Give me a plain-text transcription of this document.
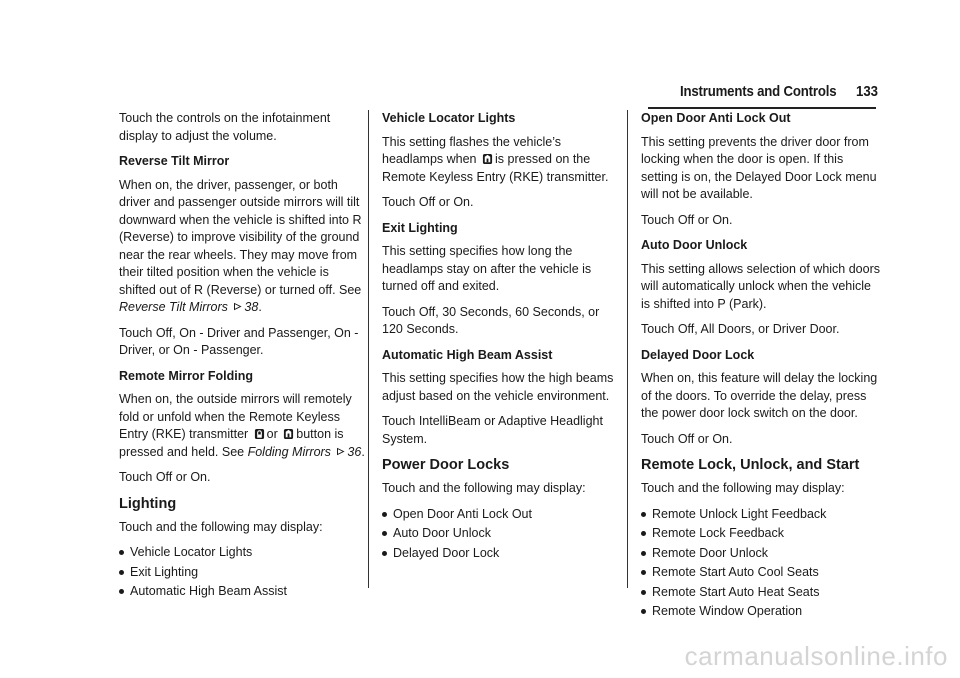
Instruments and Controls 133

Touch the controls on the infotainment display to adjust the volume.

Reverse Tilt Mirror

When on, the driver, passenger, or both driver and passenger outside mirrors will tilt downward when the vehicle is shifted into R (Reverse) to improve visibility of the ground near the rear wheels. They may move from their tilted position when the vehicle is shifted out of R (Reverse) or turned off. See Reverse Tilt Mirrors 38.

Touch Off, On - Driver and Passenger, On - Driver, or On - Passenger.

Remote Mirror Folding

When on, the outside mirrors will remotely fold or unfold when the Remote Keyless Entry (RKE) transmitter or button is pressed and held. See Folding Mirrors 36.

Touch Off or On.

Lighting

Touch and the following may display:

Vehicle Locator Lights
Exit Lighting
Automatic High Beam Assist

Vehicle Locator Lights

This setting flashes the vehicle’s headlamps when is pressed on the Remote Keyless Entry (RKE) transmitter.

Touch Off or On.

Exit Lighting

This setting specifies how long the headlamps stay on after the vehicle is turned off and exited.

Touch Off, 30 Seconds, 60 Seconds, or 120 Seconds.

Automatic High Beam Assist

This setting specifies how the high beams adjust based on the vehicle environment.

Touch IntelliBeam or Adaptive Headlight System.

Power Door Locks

Touch and the following may display:

Open Door Anti Lock Out
Auto Door Unlock
Delayed Door Lock

Open Door Anti Lock Out

This setting prevents the driver door from locking when the door is open. If this setting is on, the Delayed Door Lock menu will not be available.

Touch Off or On.

Auto Door Unlock

This setting allows selection of which doors will automatically unlock when the vehicle is shifted into P (Park).

Touch Off, All Doors, or Driver Door.

Delayed Door Lock

When on, this feature will delay the locking of the doors. To override the delay, press the power door lock switch on the door.

Touch Off or On.

Remote Lock, Unlock, and Start

Touch and the following may display:

Remote Unlock Light Feedback
Remote Lock Feedback
Remote Door Unlock
Remote Start Auto Cool Seats
Remote Start Auto Heat Seats
Remote Window Operation
carmanualsonline.info
